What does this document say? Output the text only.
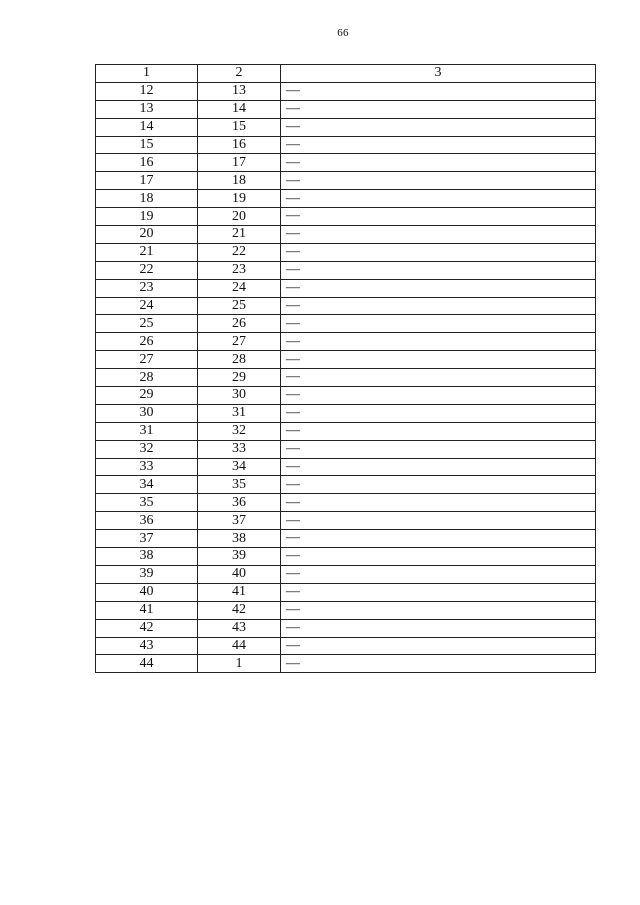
66
1	2	3
12	13	—
13	14	—
14	15	—
15	16	—
16	17	—
17	18	—
18	19	—
19	20	—
20	21	—
21	22	—
22	23	—
23	24	—
24	25	—
25	26	—
26	27	—
27	28	—
28	29	—
29	30	—
30	31	—
31	32	—
32	33	—
33	34	—
34	35	—
35	36	—
36	37	—
37	38	—
38	39	—
39	40	—
40	41	—
41	42	—
42	43	—
43	44	—
44	1	—
